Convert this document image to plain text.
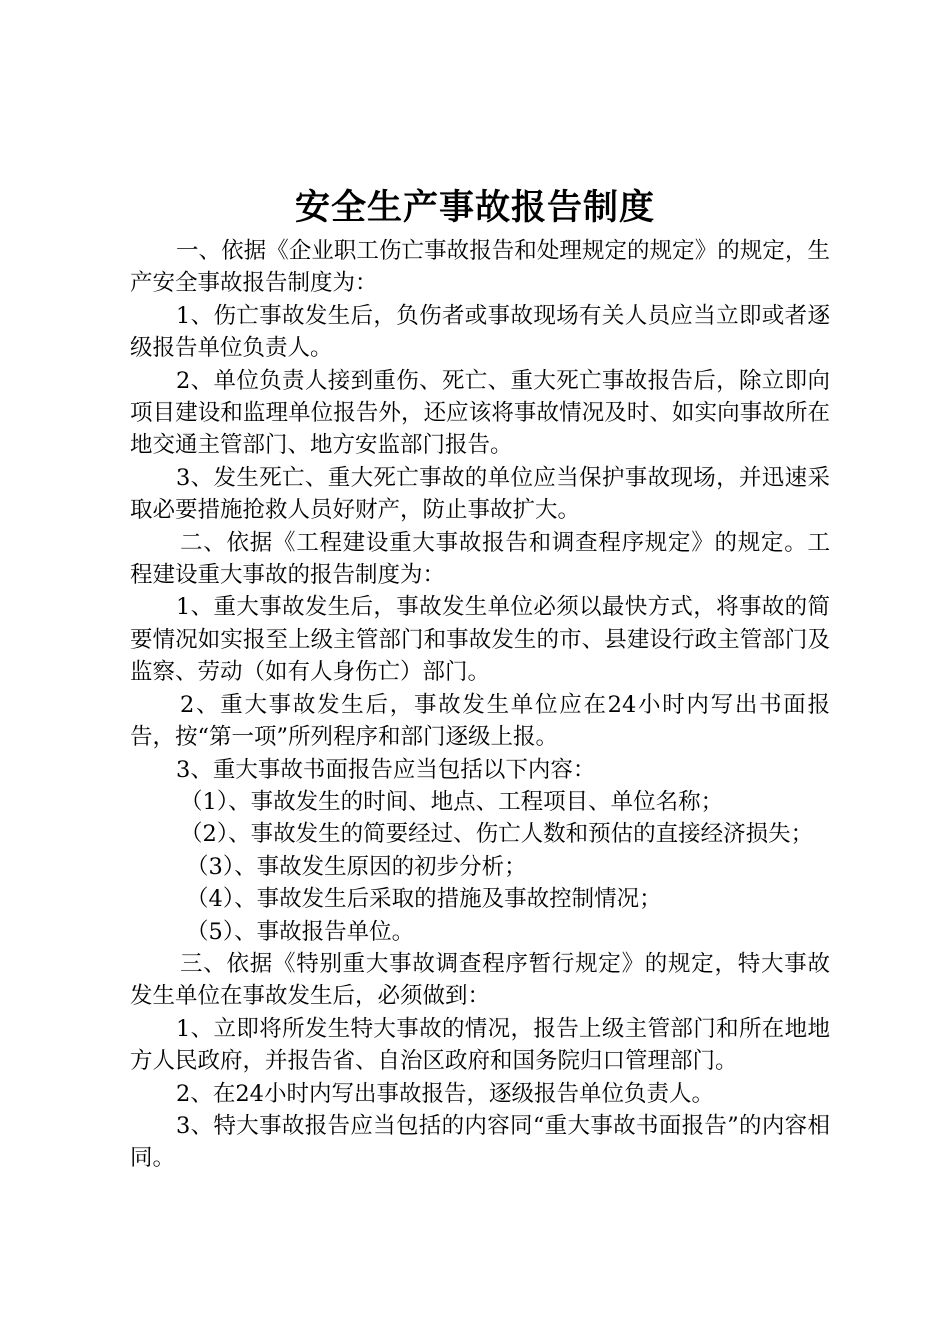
安全生产事故报告制度

一、依据《企业职工伤亡事故报告和处理规定的规定》的规定，生产安全事故报告制度为：

1、伤亡事故发生后，负伤者或事故现场有关人员应当立即或者逐级报告单位负责人。

2、单位负责人接到重伤、死亡、重大死亡事故报告后，除立即向项目建设和监理单位报告外，还应该将事故情况及时、如实向事故所在地交通主管部门、地方安监部门报告。

3、发生死亡、重大死亡事故的单位应当保护事故现场，并迅速采取必要措施抢救人员好财产，防止事故扩大。

二、依据《工程建设重大事故报告和调查程序规定》的规定。工程建设重大事故的报告制度为：

1、重大事故发生后，事故发生单位必须以最快方式，将事故的简要情况如实报至上级主管部门和事故发生的市、县建设行政主管部门及监察、劳动（如有人身伤亡）部门。

2、重大事故发生后，事故发生单位应在24小时内写出书面报告，按“第一项”所列程序和部门逐级上报。

3、重大事故书面报告应当包括以下内容：

（1）、事故发生的时间、地点、工程项目、单位名称；

（2）、事故发生的简要经过、伤亡人数和预估的直接经济损失；

（3）、事故发生原因的初步分析；

（4）、事故发生后采取的措施及事故控制情况；

（5）、事故报告单位。

三、依据《特别重大事故调查程序暂行规定》的规定，特大事故发生单位在事故发生后，必须做到：

1、立即将所发生特大事故的情况，报告上级主管部门和所在地地方人民政府，并报告省、自治区政府和国务院归口管理部门。

2、在24小时内写出事故报告，逐级报告单位负责人。

3、特大事故报告应当包括的内容同“重大事故书面报告”的内容相同。
